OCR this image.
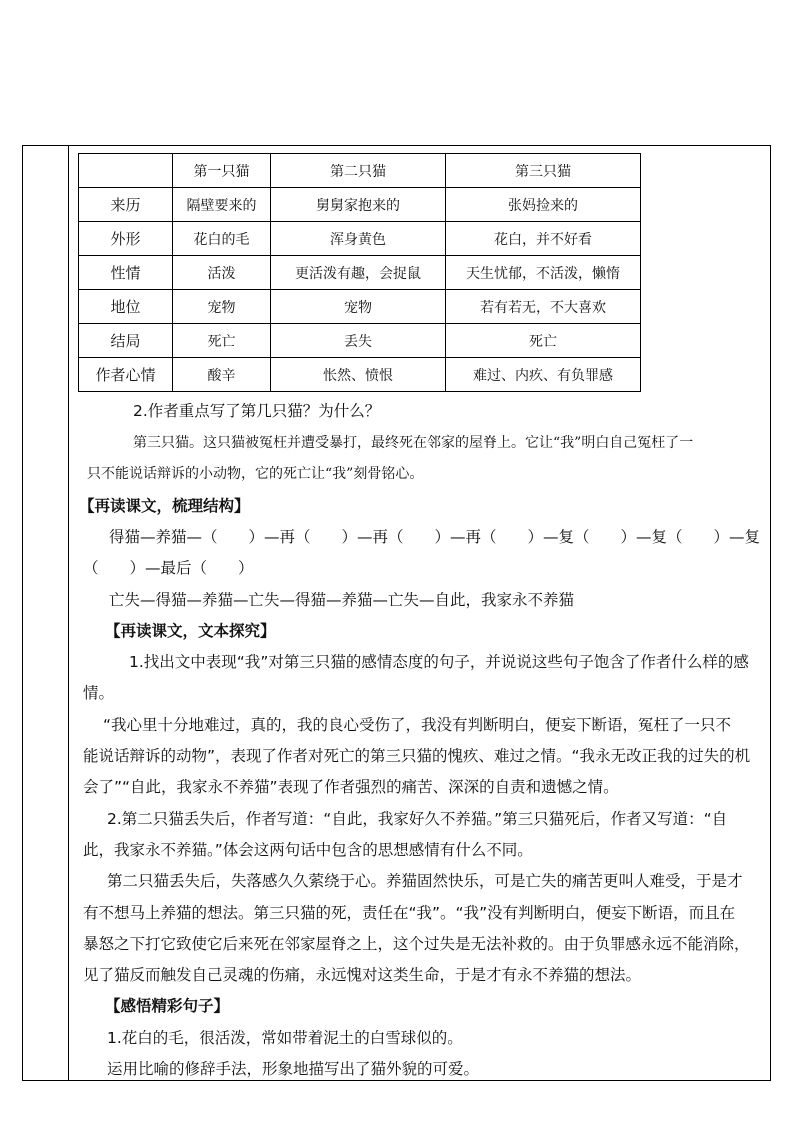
	第一只猫	第二只猫	第三只猫
来历	隔壁要来的	舅舅家抱来的	张妈捡来的
外形	花白的毛	浑身黄色	花白，并不好看
性情	活泼	更活泼有趣，会捉鼠	天生忧郁，不活泼，懒惰
地位	宠物	宠物	若有若无，不大喜欢
结局	死亡	丢失	死亡
作者心情	酸辛	怅然、愤恨	难过、内疚、有负罪感
2.作者重点写了第几只猫？为什么？
第三只猫。这只猫被冤枉并遭受暴打，最终死在邻家的屋脊上。它让“我”明白自己冤枉了一
只不能说话辩诉的小动物，它的死亡让“我”刻骨铭心。
【再读课文，梳理结构】
得猫—养猫—（　　）—再（　　）—再（　　）—再（　　）—复（　　）—复（　　）—复
（　　）—最后（　　）
亡失—得猫—养猫—亡失—得猫—养猫—亡失—自此，我家永不养猫
【再读课文，文本探究】
1.找出文中表现“我”对第三只猫的感情态度的句子，并说说这些句子饱含了作者什么样的感
情。
“我心里十分地难过，真的，我的良心受伤了，我没有判断明白，便妄下断语，冤枉了一只不
能说话辩诉的动物”，表现了作者对死亡的第三只猫的愧疚、难过之情。“我永无改正我的过失的机
会了”“自此，我家永不养猫”表现了作者强烈的痛苦、深深的自责和遗憾之情。
2.第二只猫丢失后，作者写道：“自此，我家好久不养猫。”第三只猫死后，作者又写道：“自
此，我家永不养猫。”体会这两句话中包含的思想感情有什么不同。
第二只猫丢失后，失落感久久萦绕于心。养猫固然快乐，可是亡失的痛苦更叫人难受，于是才
有不想马上养猫的想法。第三只猫的死，责任在“我”。“我”没有判断明白，便妄下断语，而且在
暴怒之下打它致使它后来死在邻家屋脊之上，这个过失是无法补救的。由于负罪感永远不能消除，
见了猫反而触发自己灵魂的伤痛，永远愧对这类生命，于是才有永不养猫的想法。
【感悟精彩句子】
1.花白的毛，很活泼，常如带着泥土的白雪球似的。
运用比喻的修辞手法，形象地描写出了猫外貌的可爱。
